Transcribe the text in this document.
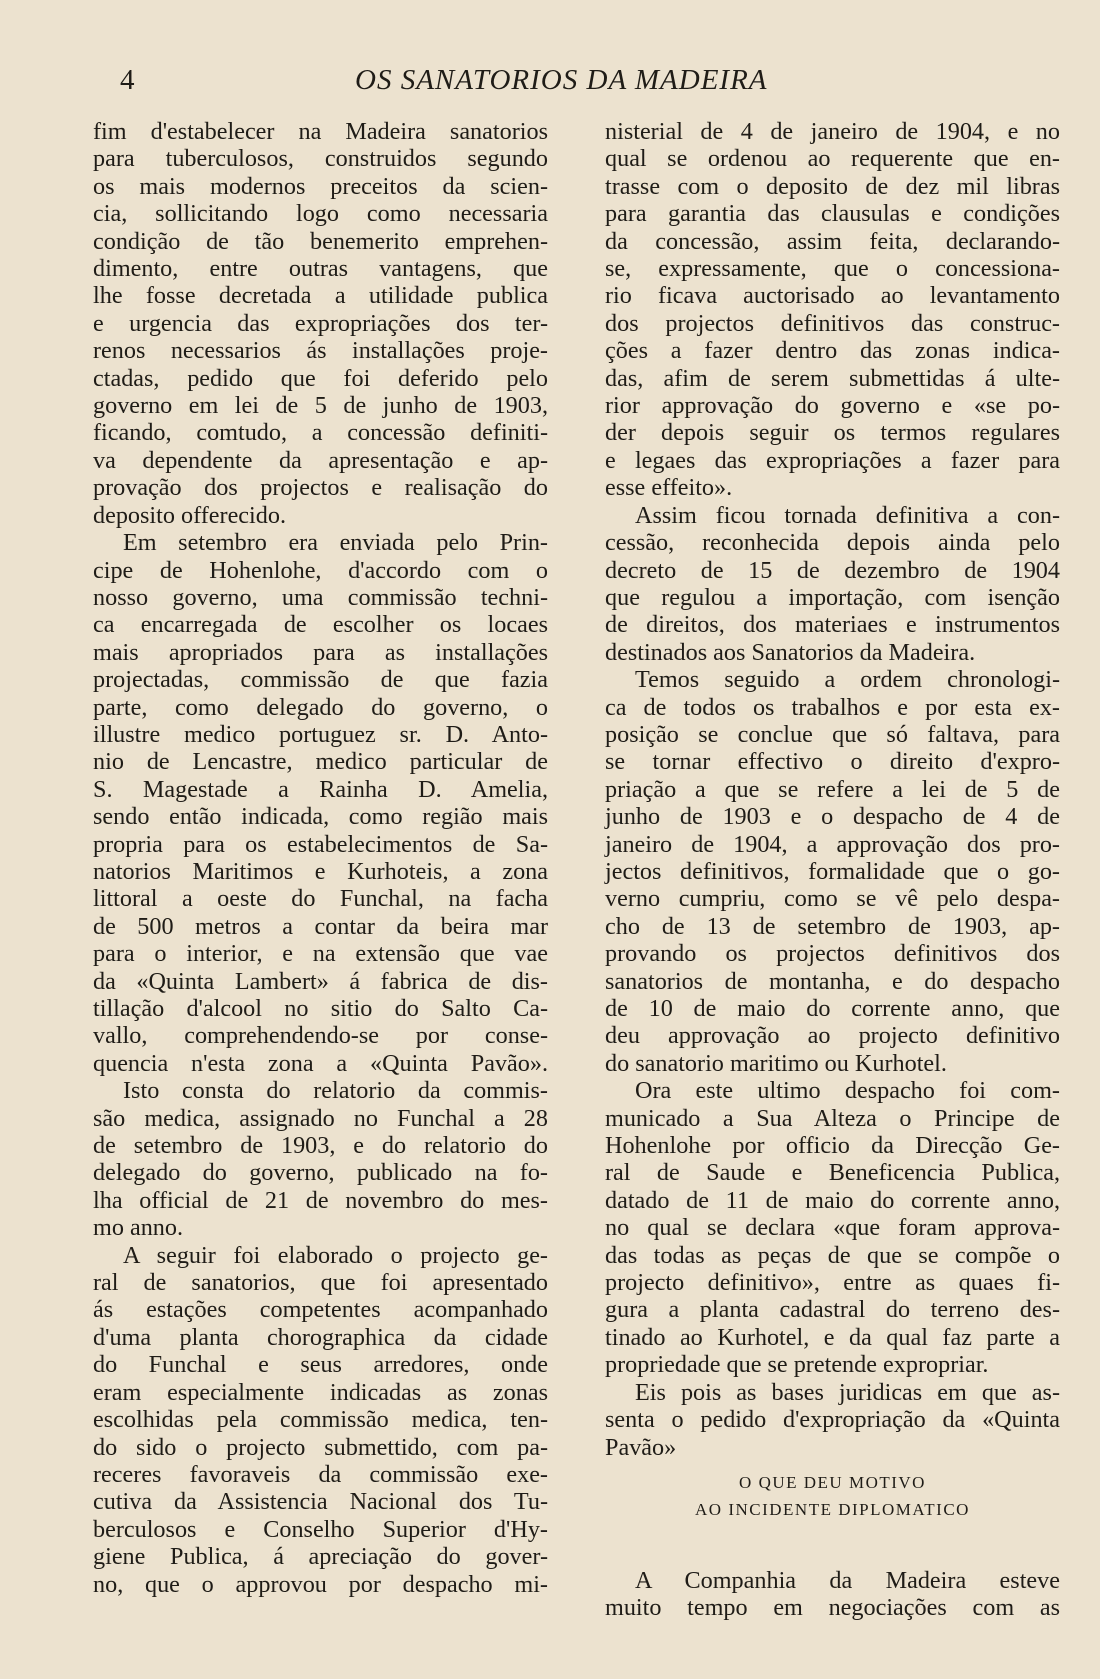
4	OS SANATORIOS DA MADEIRA

fim d'estabelecer na Madeira sanatorios

para tuberculosos, construidos segundo

os mais modernos preceitos da scien-

cia, sollicitando logo como necessaria

condição de tão benemerito emprehen-

dimento, entre outras vantagens, que

lhe fosse decretada a utilidade publica

e urgencia das expropriações dos ter-

renos necessarios ás installações proje-

ctadas, pedido que foi deferido pelo

governo em lei de 5 de junho de 1903,

ficando, comtudo, a concessão definiti-

va dependente da apresentação e ap-

provação dos projectos e realisação do

deposito offerecido.

Em setembro era enviada pelo Prin-

cipe de Hohenlohe, d'accordo com o

nosso governo, uma commissão techni-

ca encarregada de escolher os locaes

mais apropriados para as installações

projectadas, commissão de que fazia

parte, como delegado do governo, o

illustre medico portuguez sr. D. Anto-

nio de Lencastre, medico particular de

S. Magestade a Rainha D. Amelia,

sendo então indicada, como região mais

propria para os estabelecimentos de Sa-

natorios Maritimos e Kurhoteis, a zona

littoral a oeste do Funchal, na facha

de 500 metros a contar da beira mar

para o interior, e na extensão que vae

da «Quinta Lambert» á fabrica de dis-

tillação d'alcool no sitio do Salto Ca-

vallo, comprehendendo-se por conse-

quencia n'esta zona a «Quinta Pavão».

Isto consta do relatorio da commis-

são medica, assignado no Funchal a 28

de setembro de 1903, e do relatorio do

delegado do governo, publicado na fo-

lha official de 21 de novembro do mes-

mo anno.

A seguir foi elaborado o projecto ge-

ral de sanatorios, que foi apresentado

ás estações competentes acompanhado

d'uma planta chorographica da cidade

do Funchal e seus arredores, onde

eram especialmente indicadas as zonas

escolhidas pela commissão medica, ten-

do sido o projecto submettido, com pa-

receres favoraveis da commissão exe-

cutiva da Assistencia Nacional dos Tu-

berculosos e Conselho Superior d'Hy-

giene Publica, á apreciação do gover-

no, que o approvou por despacho mi-

nisterial de 4 de janeiro de 1904, e no

qual se ordenou ao requerente que en-

trasse com o deposito de dez mil libras

para garantia das clausulas e condições

da concessão, assim feita, declarando-

se, expressamente, que o concessiona-

rio ficava auctorisado ao levantamento

dos projectos definitivos das construc-

ções a fazer dentro das zonas indica-

das, afim de serem submettidas á ulte-

rior approvação do governo e «se po-

der depois seguir os termos regulares

e legaes das expropriações a fazer para

esse effeito».

Assim ficou tornada definitiva a con-

cessão, reconhecida depois ainda pelo

decreto de 15 de dezembro de 1904

que regulou a importação, com isenção

de direitos, dos materiaes e instrumentos

destinados aos Sanatorios da Madeira.

Temos seguido a ordem chronologi-

ca de todos os trabalhos e por esta ex-

posição se conclue que só faltava, para

se tornar effectivo o direito d'expro-

priação a que se refere a lei de 5 de

junho de 1903 e o despacho de 4 de

janeiro de 1904, a approvação dos pro-

jectos definitivos, formalidade que o go-

verno cumpriu, como se vê pelo despa-

cho de 13 de setembro de 1903, ap-

provando os projectos definitivos dos

sanatorios de montanha, e do despacho

de 10 de maio do corrente anno, que

deu approvação ao projecto definitivo

do sanatorio maritimo ou Kurhotel.

Ora este ultimo despacho foi com-

municado a Sua Alteza o Principe de

Hohenlohe por officio da Direcção Ge-

ral de Saude e Beneficencia Publica,

datado de 11 de maio do corrente anno,

no qual se declara «que foram approva-

das todas as peças de que se compõe o

projecto definitivo», entre as quaes fi-

gura a planta cadastral do terreno des-

tinado ao Kurhotel, e da qual faz parte a

propriedade que se pretende expropriar.

Eis pois as bases juridicas em que as-

senta o pedido d'expropriação da «Quinta

Pavão»

O QUE DEU MOTIVO

AO INCIDENTE DIPLOMATICO

A Companhia da Madeira esteve

muito tempo em negociações com as
